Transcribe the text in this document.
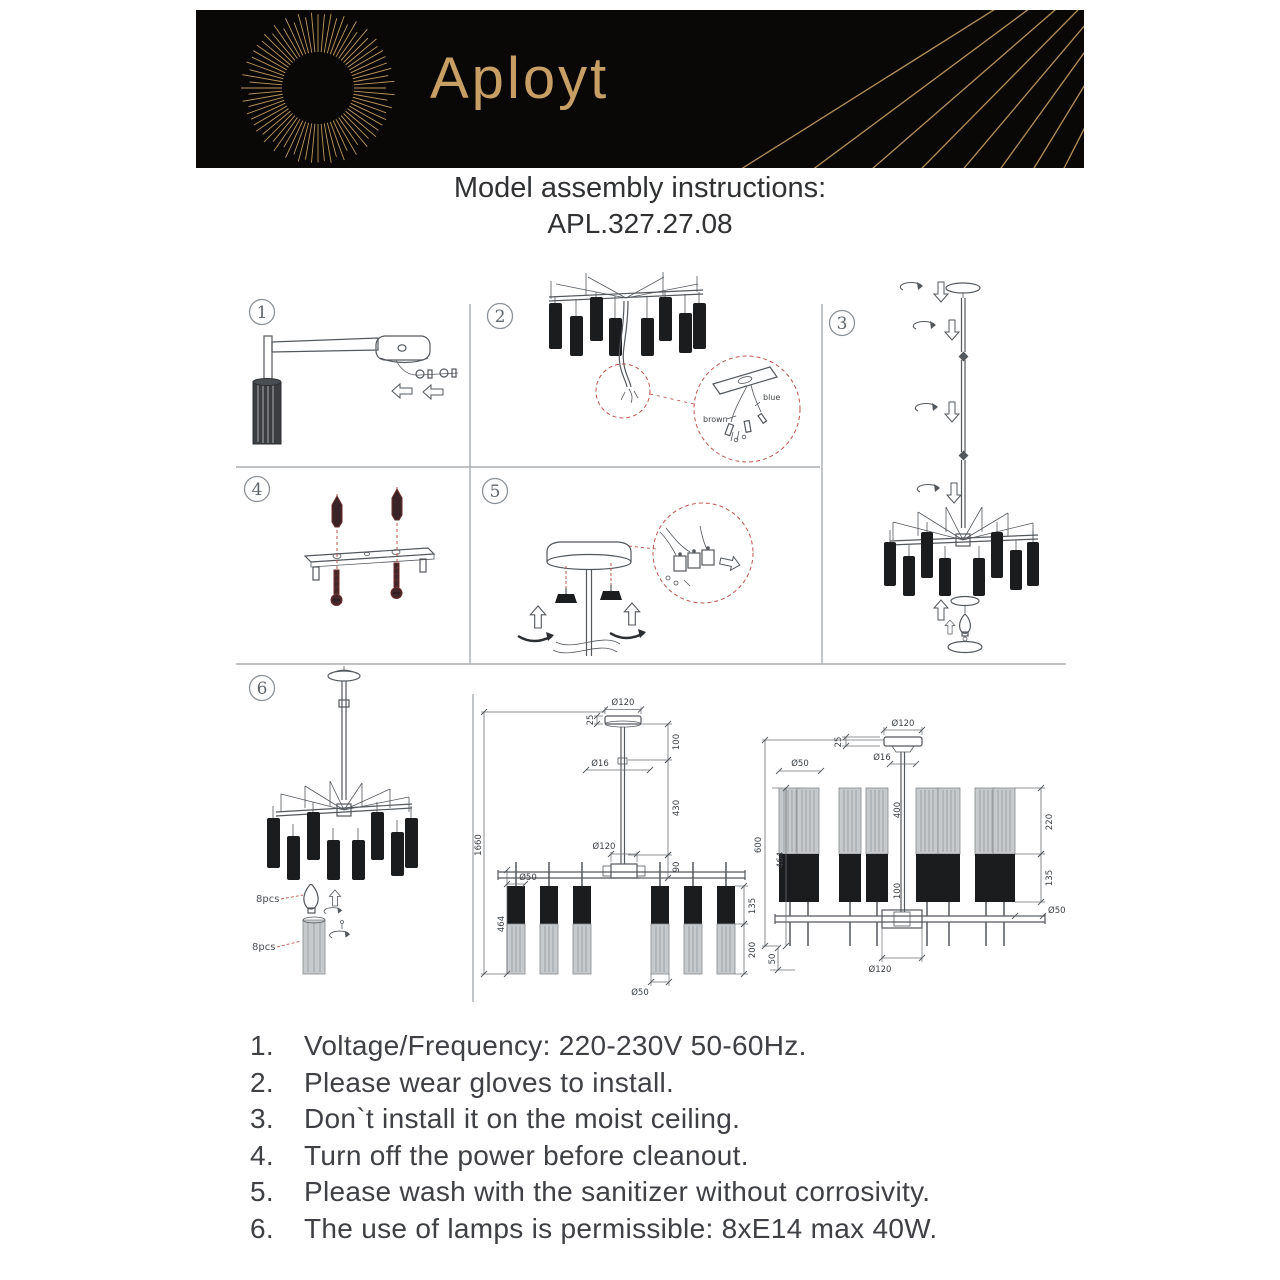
Aployt
Model assembly instructions:
APL.327.27.08
1	2	3
4	5
6
blue
brown
8pcs
8pcs
Ø120
25
100
Ø16
430
Ø120
90
1660
464
Ø50
135
200
Ø50
Ø120
25
Ø50
Ø16
400
100
600
464
220
135
Ø50
Ø120
50
1.	Voltage/Frequency: 220-230V 50-60Hz.
2.	Please wear gloves to install.
3.	Don`t install it on the moist ceiling.
4.	Turn off the power before cleanout.
5.	Please wash with the sanitizer without corrosivity.
6.	The use of lamps is permissible: 8xE14 max 40W.
